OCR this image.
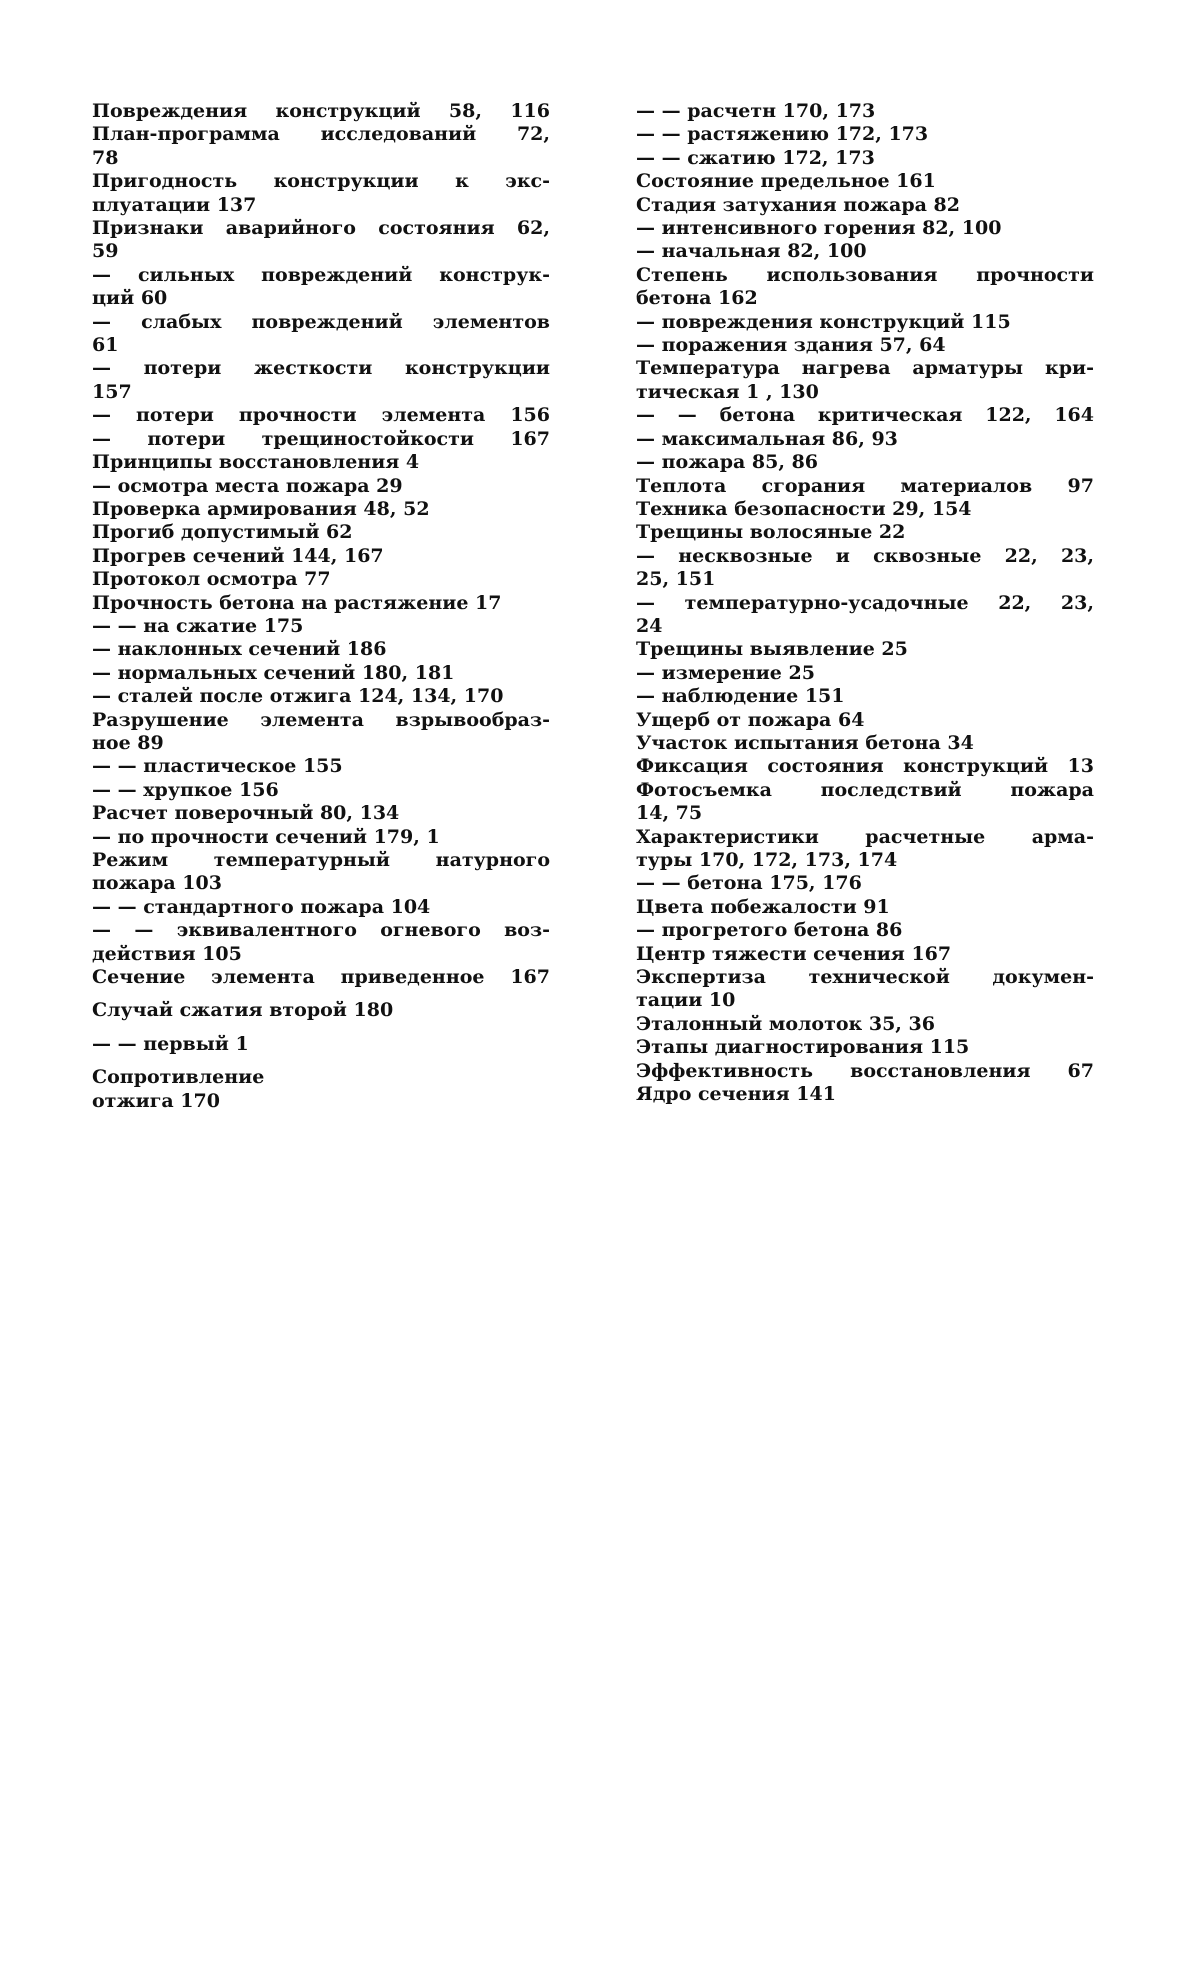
Повреждения конструкций 58, 116
План-программа исследований 72,
78
Пригодность конструкции к экс-
плуатации 137
Признаки аварийного состояния 62,
59
— сильных повреждений конструк-
ций 60
— слабых повреждений элементов
61
— потери жесткости конструкции
157
— потери прочности элемента 156
— потери трещиностойкости 167
Принципы восстановления 4
— осмотра места пожара 29
Проверка армирования 48, 52
Прогиб допустимый 62
Прогрев сечений 144, 167
Протокол осмотра 77
Прочность бетона на растяжение 17
— — на сжатие 175
— наклонных сечений 186
— нормальных сечений 180, 181
— сталей после отжига 124, 134, 170
Разрушение элемента взрывообраз-
ное 89
— — пластическое 155
— — хрупкое 156
Расчет поверочный 80, 134
— по прочности сечений 179, 1
Режим температурный натурного
пожара 103
— — стандартного пожара 104
— — эквивалентного огневого воз-
действия 105
Сечение элемента приведенное 167
Случай сжатия второй 180
— — первый 1
Сопротивление
отжига 170
— — расчетн 170, 173
— — растяжению 172, 173
— — сжатию 172, 173
Состояние предельное 161
Стадия затухания пожара 82
— интенсивного горения 82, 100
— начальная 82, 100
Степень использования прочности
бетона 162
— повреждения конструкций 115
— поражения здания 57, 64
Температура нагрева арматуры кри-
тическая 1 , 130
— — бетона критическая 122, 164
— максимальная 86, 93
— пожара 85, 86
Теплота сгорания материалов 97
Техника безопасности 29, 154
Трещины волосяные 22
— несквозные и сквозные 22, 23,
25, 151
— температурно-усадочные 22, 23,
24
Трещины выявление 25
— измерение 25
— наблюдение 151
Ущерб от пожара 64
Участок испытания бетона 34
Фиксация состояния конструкций 13
Фотосъемка последствий пожара
14, 75
Характеристики расчетные арма-
туры 170, 172, 173, 174
— — бетона 175, 176
Цвета побежалости 91
— прогретого бетона 86
Центр тяжести сечения 167
Экспертиза технической докумен-
тации 10
Эталонный молоток 35, 36
Этапы диагностирования 115
Эффективность восстановления 67
Ядро сечения 141
